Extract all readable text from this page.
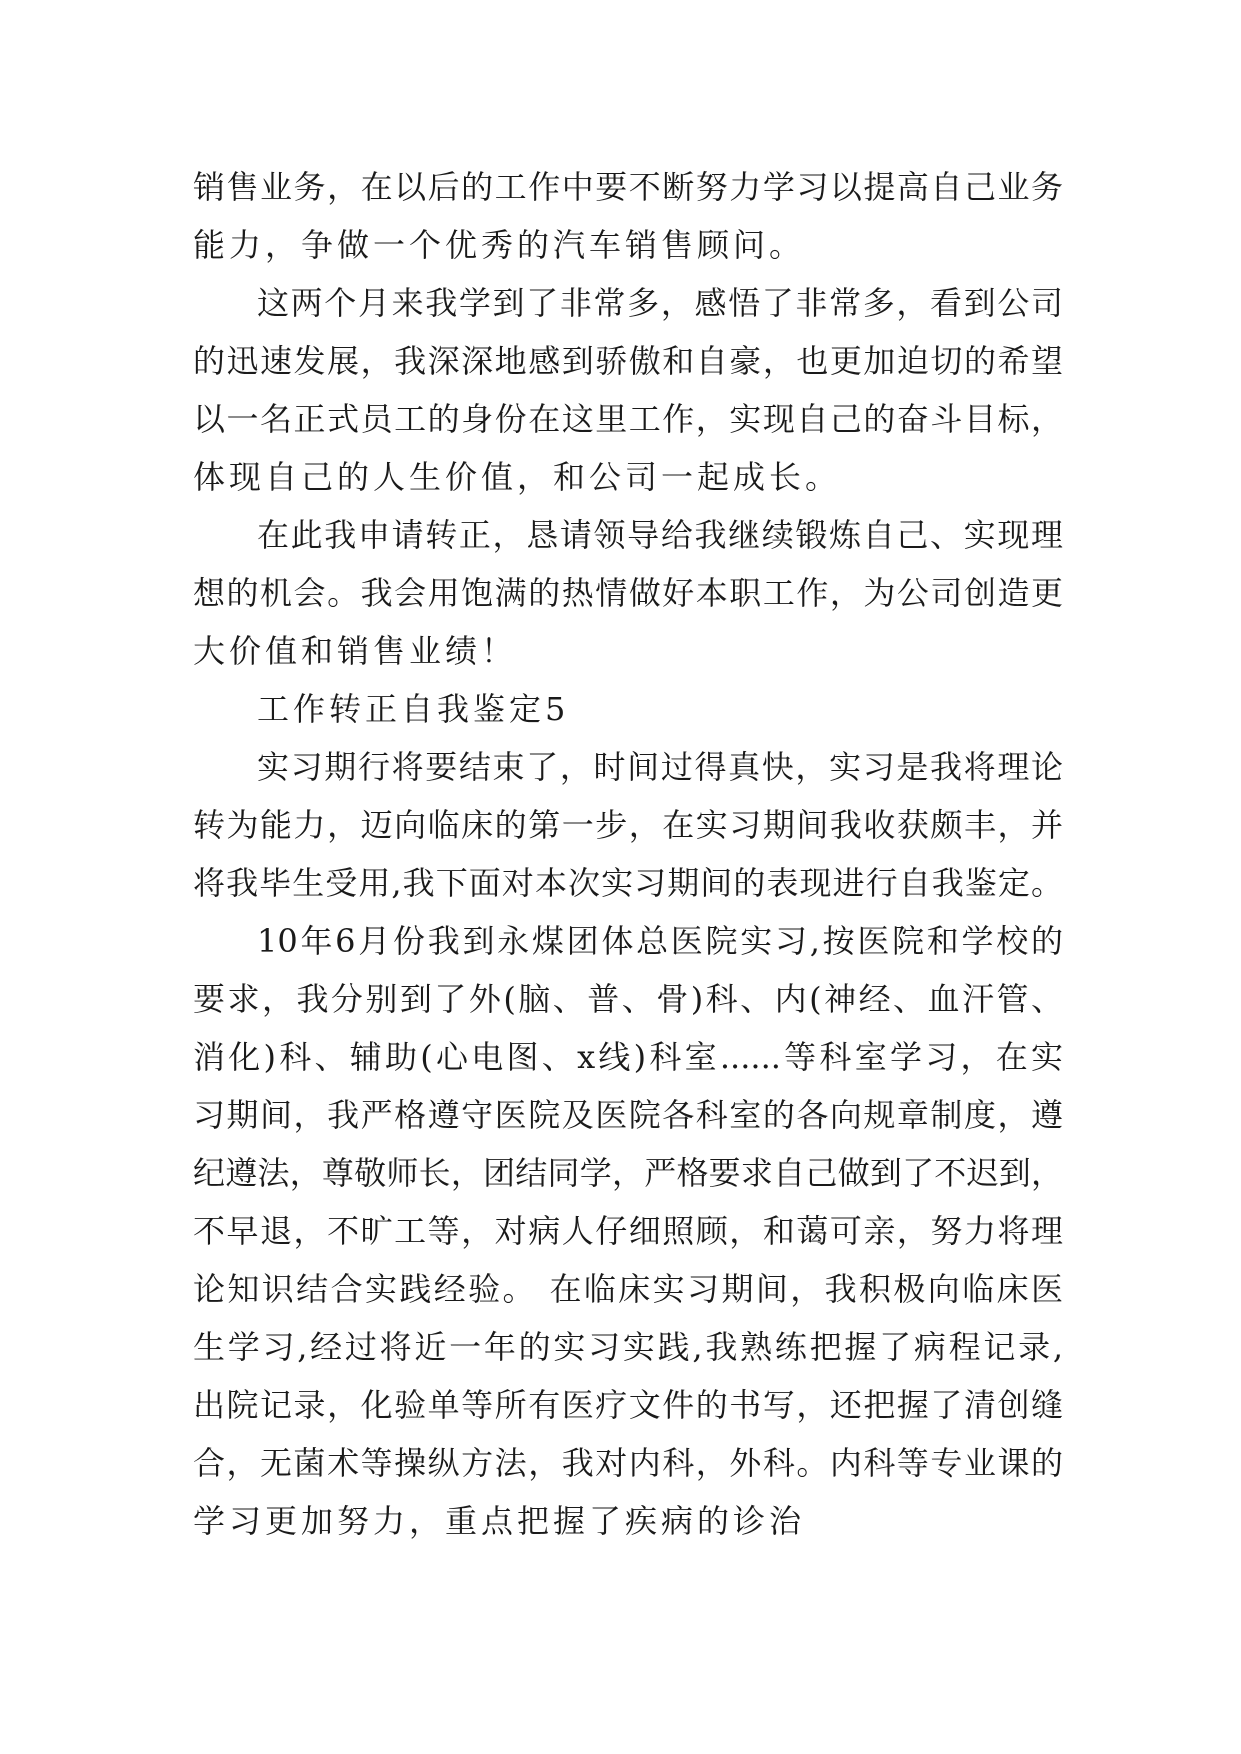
销售业务，在以后的工作中要不断努力学习以提高自己业务
能力，争做一个优秀的汽车销售顾问。
这两个月来我学到了非常多，感悟了非常多，看到公司
的迅速发展，我深深地感到骄傲和自豪，也更加迫切的希望
以一名正式员工的身份在这里工作，实现自己的奋斗目标，
体现自己的人生价值，和公司一起成长。
在此我申请转正，恳请领导给我继续锻炼自己、实现理
想的机会。我会用饱满的热情做好本职工作，为公司创造更
大价值和销售业绩！
工作转正自我鉴定5
实习期行将要结束了，时间过得真快，实习是我将理论
转为能力，迈向临床的第一步，在实习期间我收获颇丰，并
将我毕生受用,我下面对本次实习期间的表现进行自我鉴定。
10年6月份我到永煤团体总医院实习,按医院和学校的
要求，我分别到了外(脑、普、骨)科、内(神经、血汗管、
消化)科、辅助(心电图、x线)科室......等科室学习，在实
习期间，我严格遵守医院及医院各科室的各向规章制度，遵
纪遵法，尊敬师长，团结同学，严格要求自己做到了不迟到，
不早退，不旷工等，对病人仔细照顾，和蔼可亲，努力将理
论知识结合实践经验。 在临床实习期间，我积极向临床医
生学习,经过将近一年的实习实践,我熟练把握了病程记录,
出院记录，化验单等所有医疗文件的书写，还把握了清创缝
合，无菌术等操纵方法，我对内科，外科。内科等专业课的
学习更加努力，重点把握了疾病的诊治
